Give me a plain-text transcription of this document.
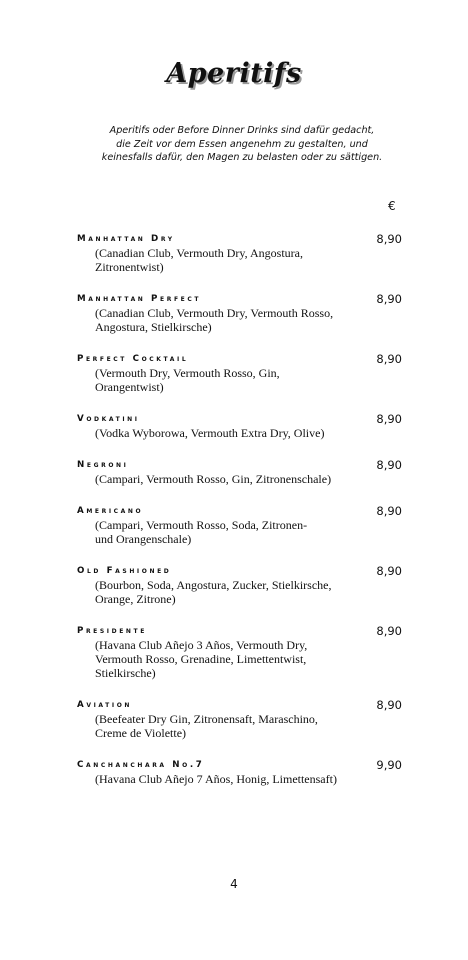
Aperitifs
Aperitifs oder Before Dinner Drinks sind dafür gedacht,
die Zeit vor dem Essen angenehm zu gestalten, und
keinesfalls dafür, den Magen zu belasten oder zu sättigen.
€
Manhattan Dry
(Canadian Club, Vermouth Dry, Angostura,
Zitronentwist)
8,90
Manhattan Perfect
(Canadian Club, Vermouth Dry, Vermouth Rosso,
Angostura, Stielkirsche)
8,90
Perfect Cocktail
(Vermouth Dry, Vermouth Rosso, Gin,
Orangentwist)
8,90
Vodkatini
(Vodka Wyborowa, Vermouth Extra Dry, Olive)
8,90
Negroni
(Campari, Vermouth Rosso, Gin, Zitronenschale)
8,90
Americano
(Campari, Vermouth Rosso, Soda, Zitronen-
und Orangenschale)
8,90
Old Fashioned
(Bourbon, Soda, Angostura, Zucker, Stielkirsche,
Orange, Zitrone)
8,90
Presidente
(Havana Club Añejo 3 Años, Vermouth Dry,
Vermouth Rosso, Grenadine, Limettentwist,
Stielkirsche)
8,90
Aviation
(Beefeater Dry Gin, Zitronensaft, Maraschino,
Creme de Violette)
8,90
Canchanchara No.7
(Havana Club Añejo 7 Años, Honig, Limettensaft)
9,90
4
